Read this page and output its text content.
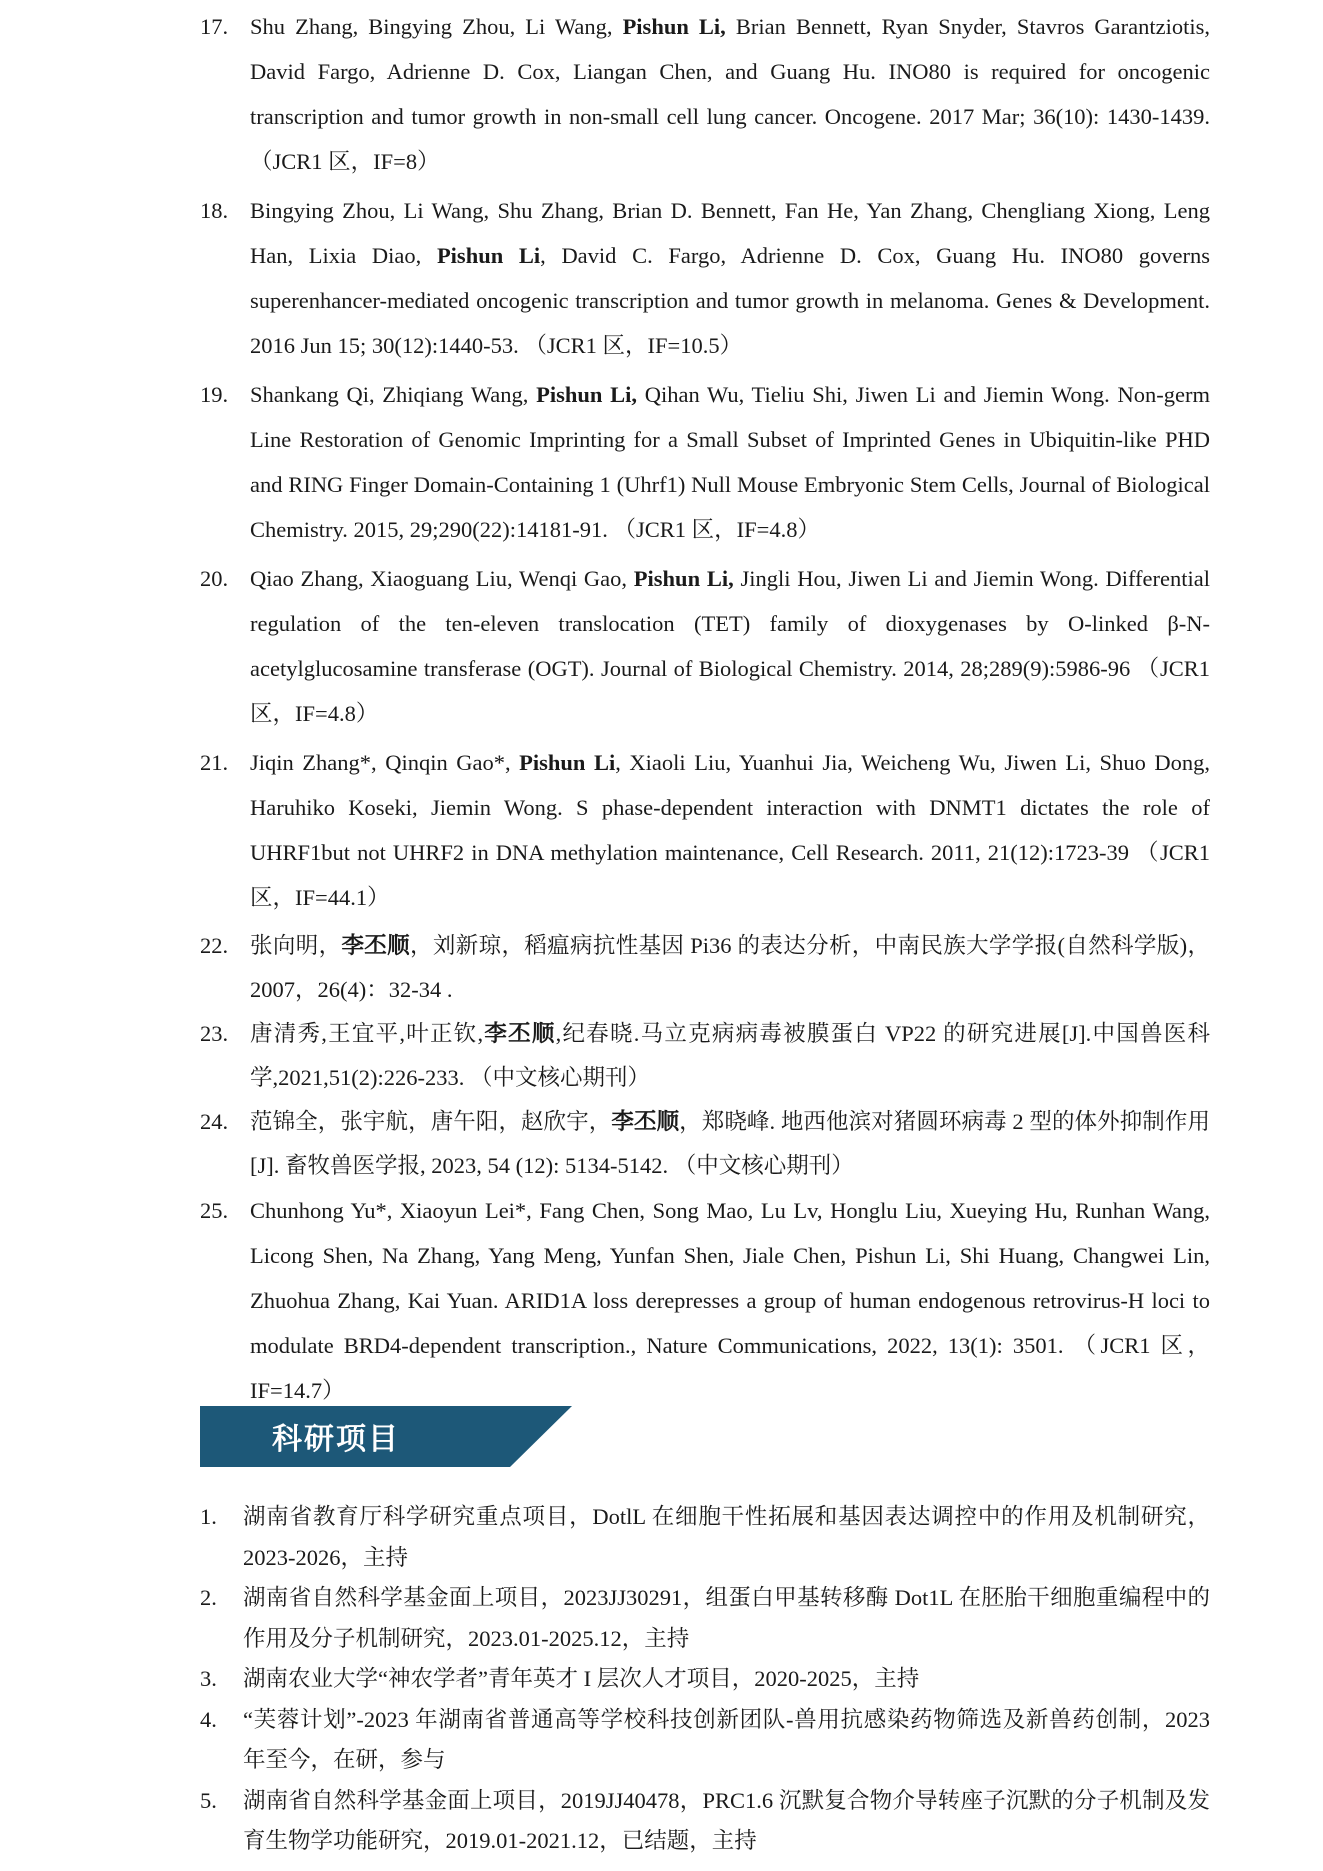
17. Shu Zhang, Bingying Zhou, Li Wang, Pishun Li, Brian Bennett, Ryan Snyder, Stavros Garantziotis, David Fargo, Adrienne D. Cox, Liangan Chen, and Guang Hu. INO80 is required for oncogenic transcription and tumor growth in non-small cell lung cancer. Oncogene. 2017 Mar; 36(10): 1430-1439. （JCR1 区，IF=8）
18. Bingying Zhou, Li Wang, Shu Zhang, Brian D. Bennett, Fan He, Yan Zhang, Chengliang Xiong, Leng Han, Lixia Diao, Pishun Li, David C. Fargo, Adrienne D. Cox, Guang Hu. INO80 governs superenhancer-mediated oncogenic transcription and tumor growth in melanoma. Genes & Development. 2016 Jun 15; 30(12):1440-53. （JCR1 区，IF=10.5）
19. Shankang Qi, Zhiqiang Wang, Pishun Li, Qihan Wu, Tieliu Shi, Jiwen Li and Jiemin Wong. Non-germ Line Restoration of Genomic Imprinting for a Small Subset of Imprinted Genes in Ubiquitin-like PHD and RING Finger Domain-Containing 1 (Uhrf1) Null Mouse Embryonic Stem Cells, Journal of Biological Chemistry. 2015, 29;290(22):14181-91. （JCR1 区，IF=4.8）
20. Qiao Zhang, Xiaoguang Liu, Wenqi Gao, Pishun Li, Jingli Hou, Jiwen Li and Jiemin Wong. Differential regulation of the ten-eleven translocation (TET) family of dioxygenases by O-linked β-N-acetylglucosamine transferase (OGT). Journal of Biological Chemistry. 2014, 28;289(9):5986-96 （JCR1 区，IF=4.8）
21. Jiqin Zhang*, Qinqin Gao*, Pishun Li, Xiaoli Liu, Yuanhui Jia, Weicheng Wu, Jiwen Li, Shuo Dong, Haruhiko Koseki, Jiemin Wong. S phase-dependent interaction with DNMT1 dictates the role of UHRF1but not UHRF2 in DNA methylation maintenance, Cell Research. 2011, 21(12):1723-39 （JCR1 区，IF=44.1）
22. 张向明，李丕顺，刘新琼，稻瘟病抗性基因 Pi36 的表达分析，中南民族大学学报(自然科学版)，2007，26(4)：32-34 .
23. 唐清秀,王宜平,叶正钦,李丕顺,纪春晓.马立克病病毒被膜蛋白 VP22 的研究进展[J].中国兽医科学,2021,51(2):226-233. （中文核心期刊）
24. 范锦全，张宇航，唐午阳，赵欣宇，李丕顺，郑晓峰. 地西他滨对猪圆环病毒 2 型的体外抑制作用[J]. 畜牧兽医学报, 2023, 54 (12): 5134-5142. （中文核心期刊）
25. Chunhong Yu*, Xiaoyun Lei*, Fang Chen, Song Mao, Lu Lv, Honglu Liu, Xueying Hu, Runhan Wang, Licong Shen, Na Zhang, Yang Meng, Yunfan Shen, Jiale Chen, Pishun Li, Shi Huang, Changwei Lin, Zhuohua Zhang, Kai Yuan. ARID1A loss derepresses a group of human endogenous retrovirus-H loci to modulate BRD4-dependent transcription., Nature Communications, 2022, 13(1): 3501. （JCR1 区，IF=14.7）
科研项目
1. 湖南省教育厅科学研究重点项目，DotlL 在细胞干性拓展和基因表达调控中的作用及机制研究，2023-2026，主持
2. 湖南省自然科学基金面上项目，2023JJ30291，组蛋白甲基转移酶 Dot1L 在胚胎干细胞重编程中的作用及分子机制研究，2023.01-2025.12，主持
3. 湖南农业大学“神农学者”青年英才 I 层次人才项目，2020-2025，主持
4. “芙蓉计划”-2023 年湖南省普通高等学校科技创新团队-兽用抗感染药物筛选及新兽药创制，2023 年至今，在研，参与
5. 湖南省自然科学基金面上项目，2019JJ40478，PRC1.6 沉默复合物介导转座子沉默的分子机制及发育生物学功能研究，2019.01-2021.12，已结题，主持
